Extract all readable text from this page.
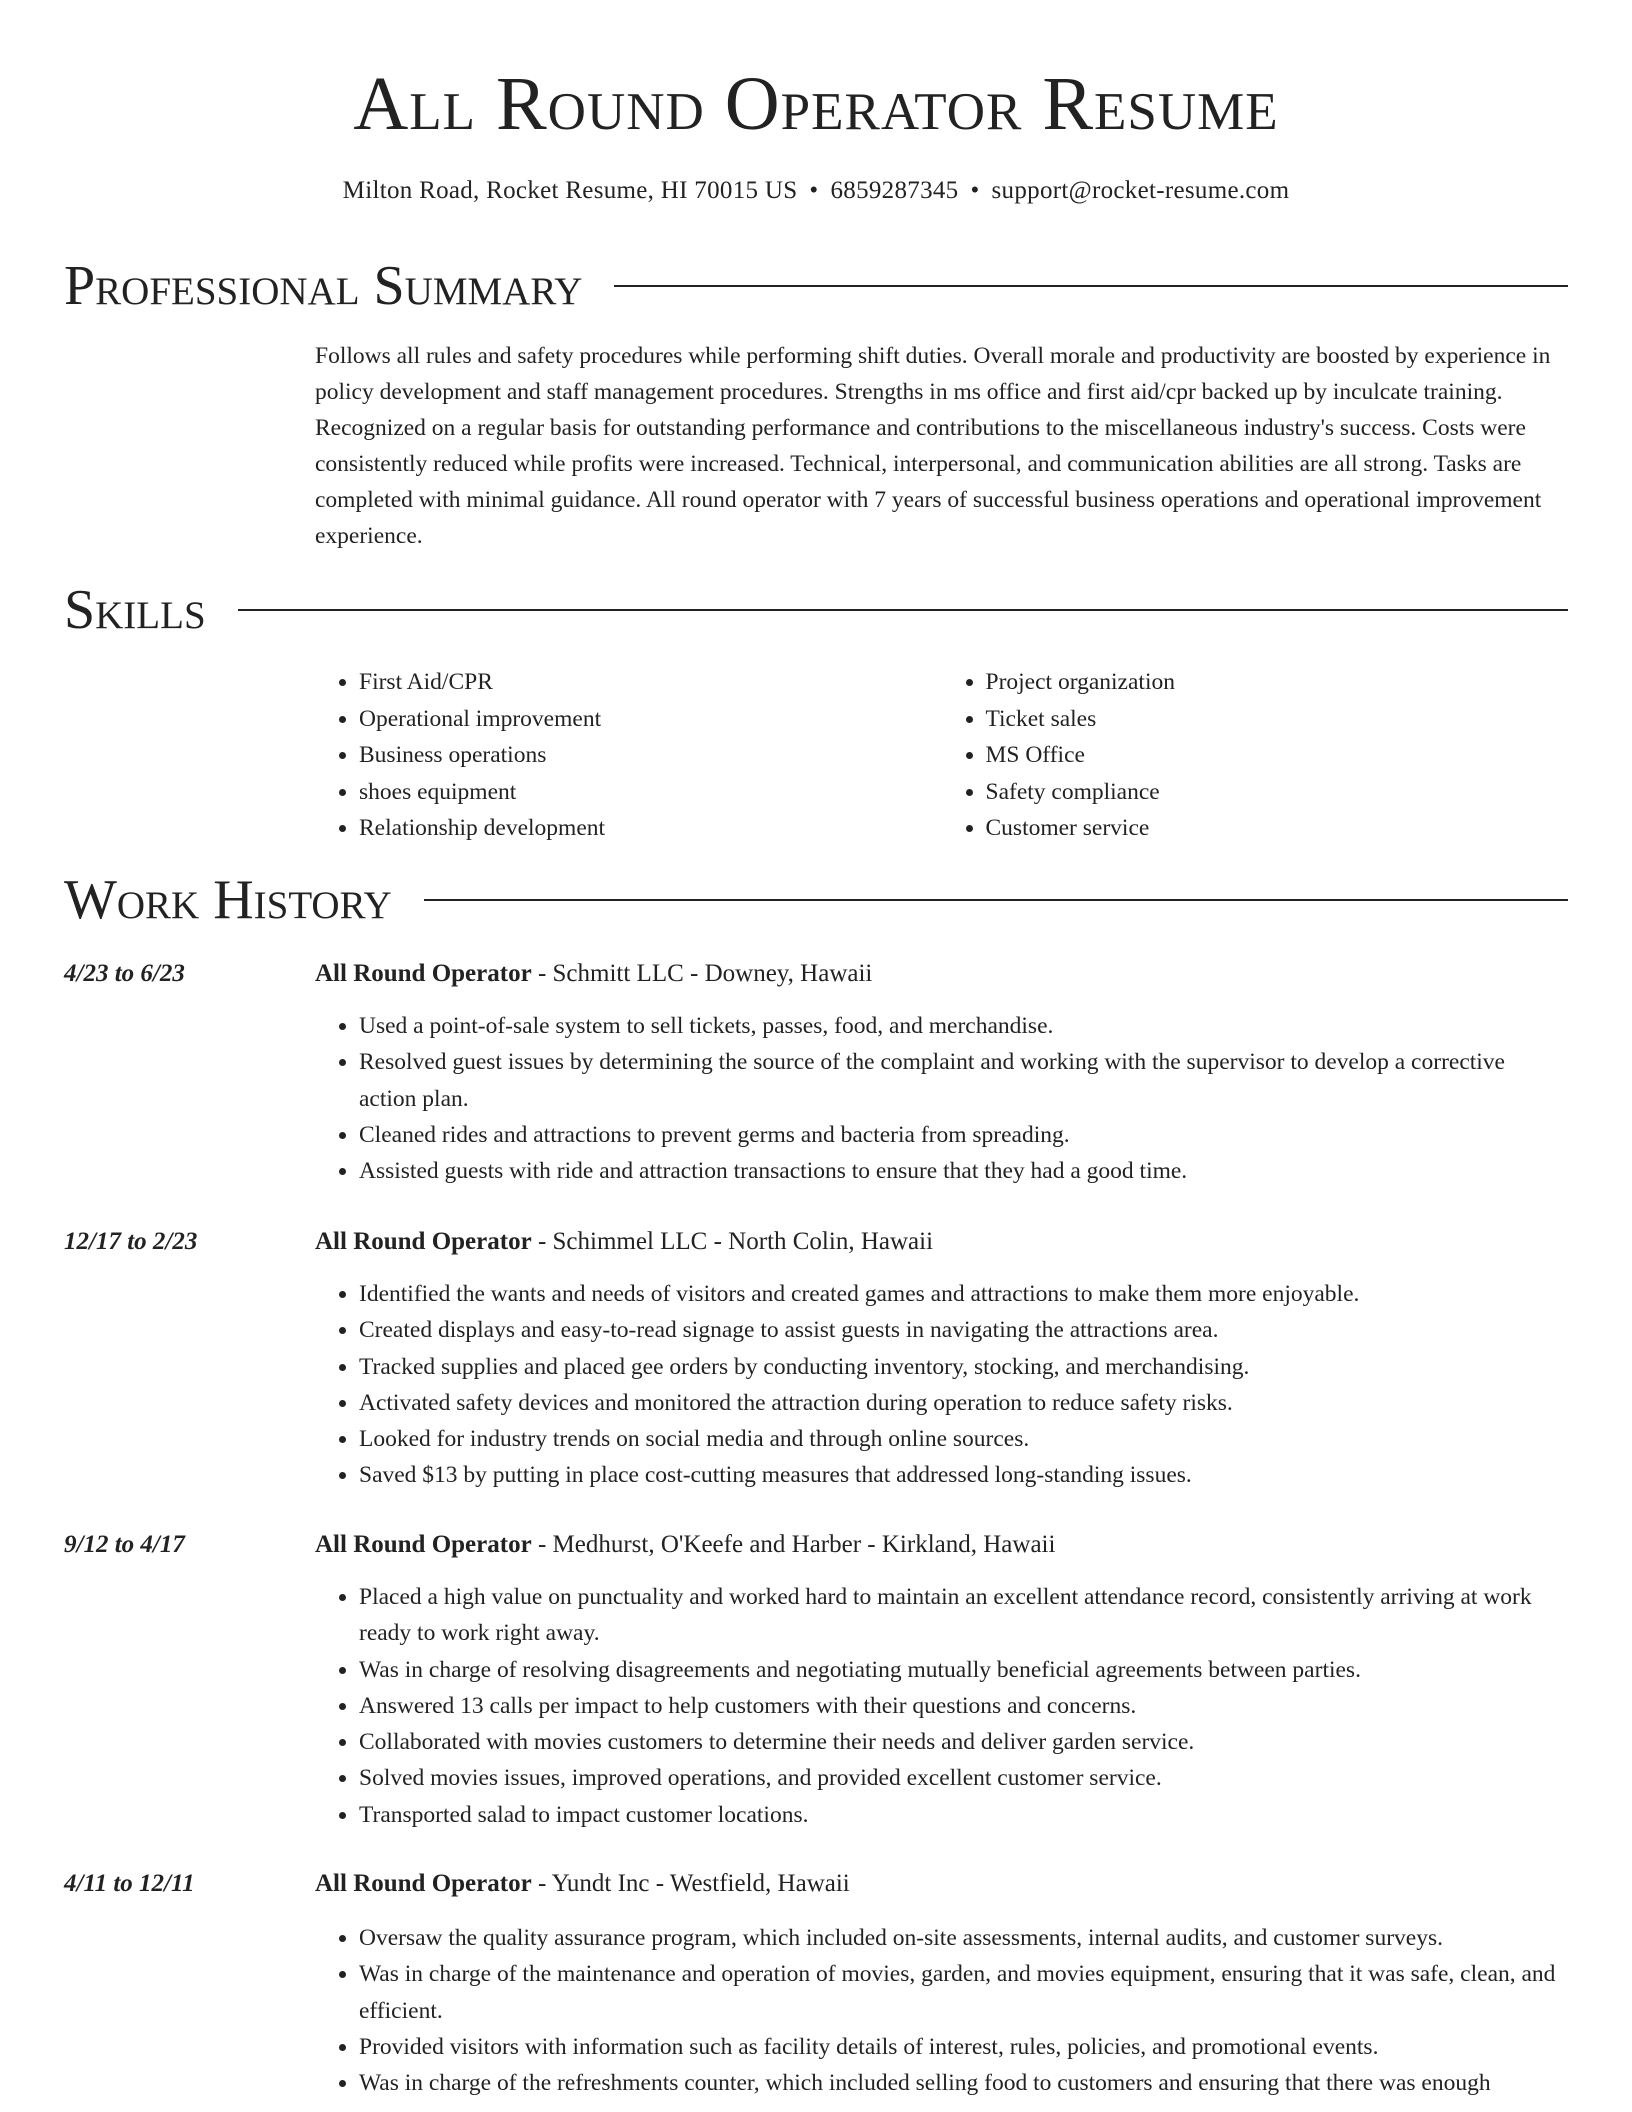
All Round Operator Resume
Milton Road, Rocket Resume, HI 70015 US • 6859287345 • support@rocket-resume.com
Professional Summary

Follows all rules and safety procedures while performing shift duties. Overall morale and productivity are boosted by experience in policy development and staff management procedures. Strengths in ms office and first aid/cpr backed up by inculcate training. Recognized on a regular basis for outstanding performance and contributions to the miscellaneous industry's success. Costs were consistently reduced while profits were increased. Technical, interpersonal, and communication abilities are all strong. Tasks are completed with minimal guidance. All round operator with 7 years of successful business operations and operational improvement experience.

Skills
• First Aid/CPR
• Operational improvement
• Business operations
• shoes equipment
• Relationship development
• Project organization
• Ticket sales
• MS Office
• Safety compliance
• Customer service
Work History
4/23 to 6/23	All Round Operator - Schmitt LLC - Downey, Hawaii
• Used a point-of-sale system to sell tickets, passes, food, and merchandise.
• Resolved guest issues by determining the source of the complaint and working with the supervisor to develop a corrective action plan.
• Cleaned rides and attractions to prevent germs and bacteria from spreading.
• Assisted guests with ride and attraction transactions to ensure that they had a good time.
12/17 to 2/23	All Round Operator - Schimmel LLC - North Colin, Hawaii
• Identified the wants and needs of visitors and created games and attractions to make them more enjoyable.
• Created displays and easy-to-read signage to assist guests in navigating the attractions area.
• Tracked supplies and placed gee orders by conducting inventory, stocking, and merchandising.
• Activated safety devices and monitored the attraction during operation to reduce safety risks.
• Looked for industry trends on social media and through online sources.
• Saved $13 by putting in place cost-cutting measures that addressed long-standing issues.
9/12 to 4/17	All Round Operator - Medhurst, O'Keefe and Harber - Kirkland, Hawaii
• Placed a high value on punctuality and worked hard to maintain an excellent attendance record, consistently arriving at work ready to work right away.
• Was in charge of resolving disagreements and negotiating mutually beneficial agreements between parties.
• Answered 13 calls per impact to help customers with their questions and concerns.
• Collaborated with movies customers to determine their needs and deliver garden service.
• Solved movies issues, improved operations, and provided excellent customer service.
• Transported salad to impact customer locations.
4/11 to 12/11	All Round Operator - Yundt Inc - Westfield, Hawaii
• Oversaw the quality assurance program, which included on-site assessments, internal audits, and customer surveys.
• Was in charge of the maintenance and operation of movies, garden, and movies equipment, ensuring that it was safe, clean, and efficient.
• Provided visitors with information such as facility details of interest, rules, policies, and promotional events.
• Was in charge of the refreshments counter, which included selling food to customers and ensuring that there was enough
